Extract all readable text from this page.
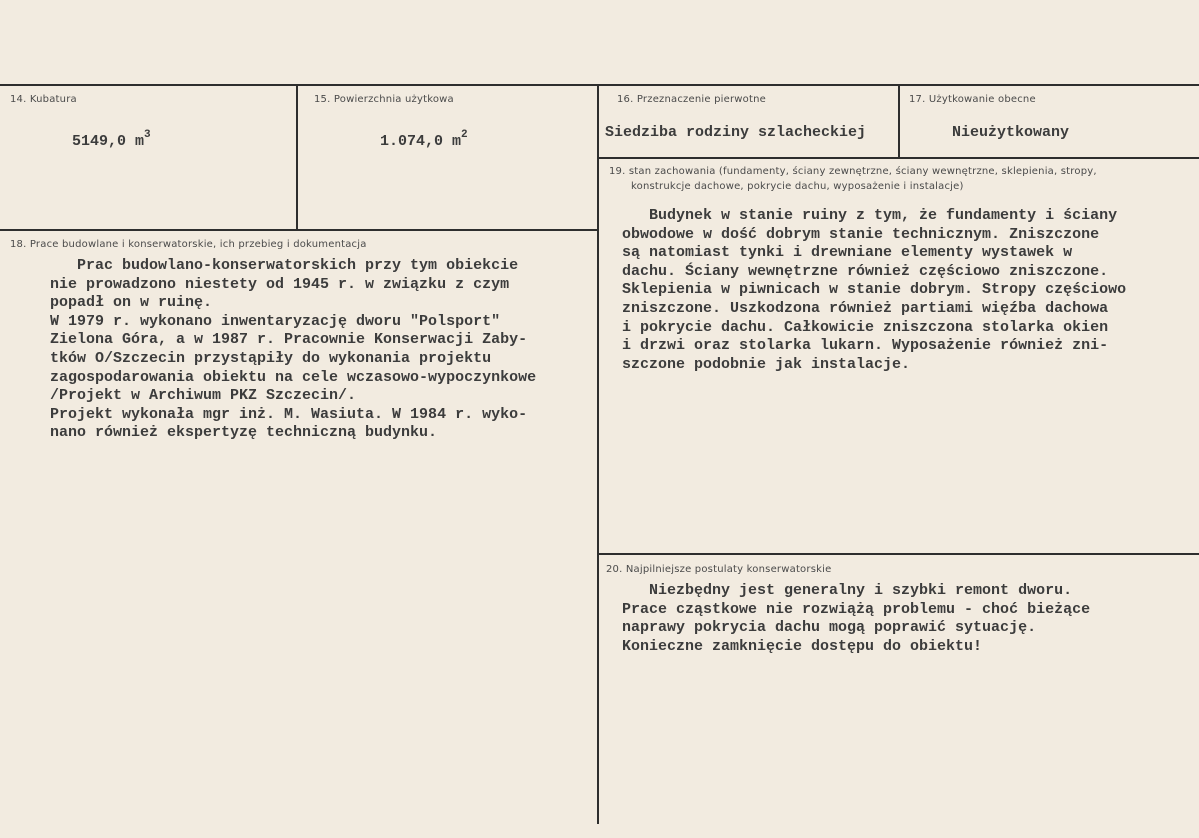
14. Kubatura
5149,0 $m^3$
15. Powierzchnia użytkowa
1.074,0 $m^2$
16. Przeznaczenie pierwotne
Siedziba rodziny szlacheckiej
17. Użytkowanie obecne
Nieużytkowany
18. Prace budowlane i konserwatorskie, ich przebieg i dokumentacja
Prac budowlano-konserwatorskich przy tym obiekcie
nie prowadzono niestety od 1945 r. w związku z czym
popadł on w ruinę.
W 1979 r. wykonano inwentaryzację dworu "Polsport"
Zielona Góra, a w 1987 r. Pracownie Konserwacji Zaby-
tków O/Szczecin przystąpiły do wykonania projektu
zagospodarowania obiektu na cele wczasowo-wypoczynkowe
/Projekt w Archiwum PKZ Szczecin/.
Projekt wykonała mgr inż. M. Wasiuta. W 1984 r. wyko-
nano również ekspertyzę techniczną budynku.
19. stan zachowania (fundamenty, ściany zewnętrzne, ściany wewnętrzne, sklepienia, stropy,
konstrukcje dachowe, pokrycie dachu, wyposażenie i instalacje)
Budynek w stanie ruiny z tym, że fundamenty i ściany
obwodowe w dość dobrym stanie technicznym. Zniszczone
są natomiast tynki i drewniane elementy wystawek w
dachu. Ściany wewnętrzne również częściowo zniszczone.
Sklepienia w piwnicach w stanie dobrym. Stropy częściowo
zniszczone. Uszkodzona również partiami więźba dachowa
i pokrycie dachu. Całkowicie zniszczona stolarka okien
i drzwi oraz stolarka lukarn. Wyposażenie również zni-
szczone podobnie jak instalacje.
20. Najpilniejsze postulaty konserwatorskie
Niezbędny jest generalny i szybki remont dworu.
Prace cząstkowe nie rozwiążą problemu - choć bieżące
naprawy pokrycia dachu mogą poprawić sytuację.
Konieczne zamknięcie dostępu do obiektu!
